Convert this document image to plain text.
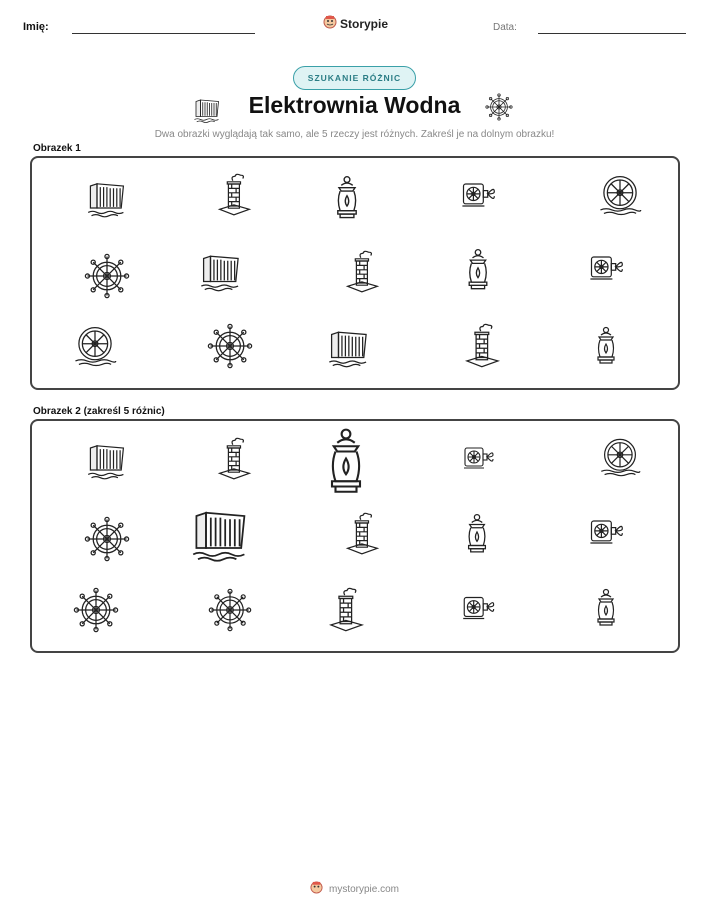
Imię:	Storypie	Data:
SZUKANIE RÓŻNIC
Elektrownia Wodna
Dwa obrazki wyglądają tak samo, ale 5 rzeczy jest różnych. Zakreśl je na dolnym obrazku!
Obrazek 1
Obrazek 2 (zakreśl 5 różnic)
mystorypie.com
